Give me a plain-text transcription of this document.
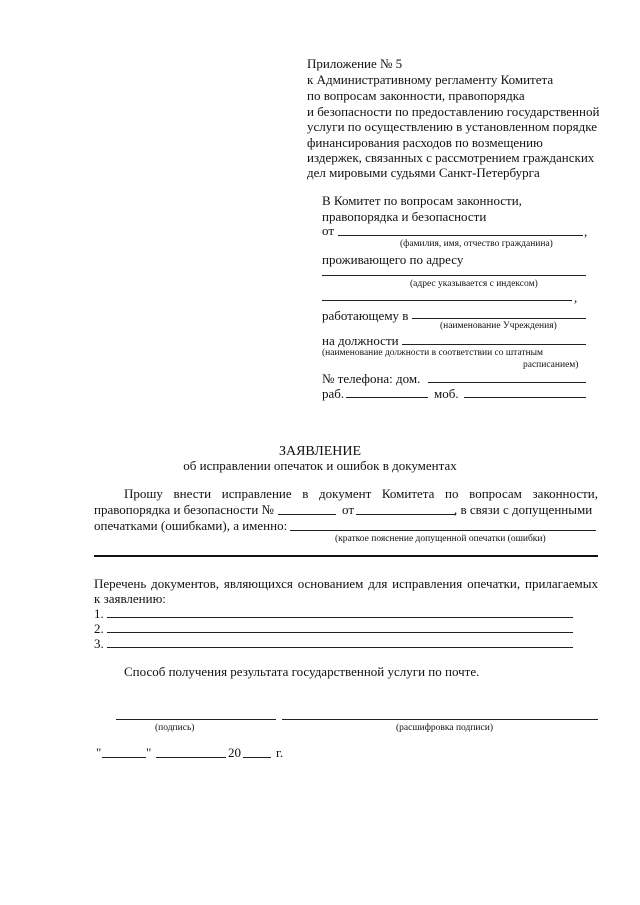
Приложение № 5
к Административному регламенту Комитета
по вопросам законности, правопорядка
и безопасности по предоставлению государственной
услуги по осуществлению в установленном порядке
финансирования расходов по возмещению
издержек, связанных с рассмотрением гражданских
дел мировыми судьями Санкт-Петербурга
В Комитет по вопросам законности,
правопорядка и безопасности
от	,
(фамилия, имя, отчество гражданина)
проживающего по адресу
(адрес указывается с индексом)
,
работающему в
(наименование Учреждения)
на должности
(наименование должности в соответствии со штатным
расписанием)
№ телефона: дом.
раб.	моб.
ЗАЯВЛЕНИЕ
об исправлении опечаток и ошибок в документах
Прошу внести исправление в документ Комитета по вопросам законности,
правопорядка и безопасности №	от	, в связи с допущенными
опечатками (ошибками), а именно:
(краткое пояснение допущенной опечатки (ошибки)
Перечень документов, являющихся основанием для исправления опечатки, прилагаемых
к заявлению:
1.
2.
3.
Способ получения результата государственной услуги по почте.
(подпись)	(расшифровка подписи)
"	"	20	г.
